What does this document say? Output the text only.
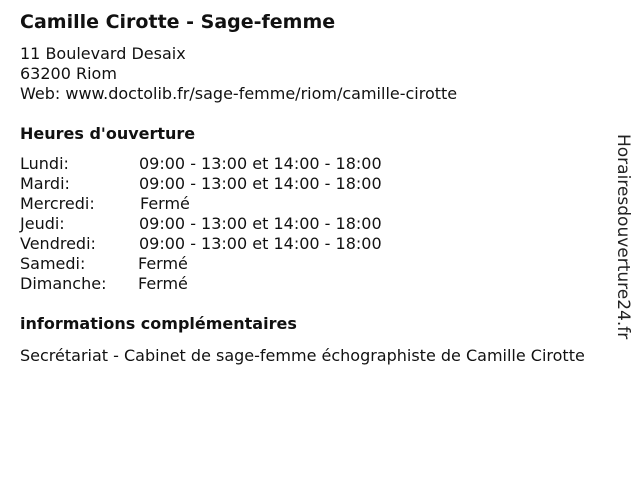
Camille Cirotte - Sage-femme
11 Boulevard Desaix
63200 Riom
Web: www.doctolib.fr/sage-femme/riom/camille-cirotte
Heures d'ouverture
Lundi:	09:00 - 13:00 et 14:00 - 18:00
Mardi:	09:00 - 13:00 et 14:00 - 18:00
Mercredi:	Fermé
Jeudi:	09:00 - 13:00 et 14:00 - 18:00
Vendredi:	09:00 - 13:00 et 14:00 - 18:00
Samedi:	Fermé
Dimanche: Fermé
informations complémentaires
Secrétariat - Cabinet de sage-femme échographiste de Camille Cirotte
Horairesdouverture24.fr
